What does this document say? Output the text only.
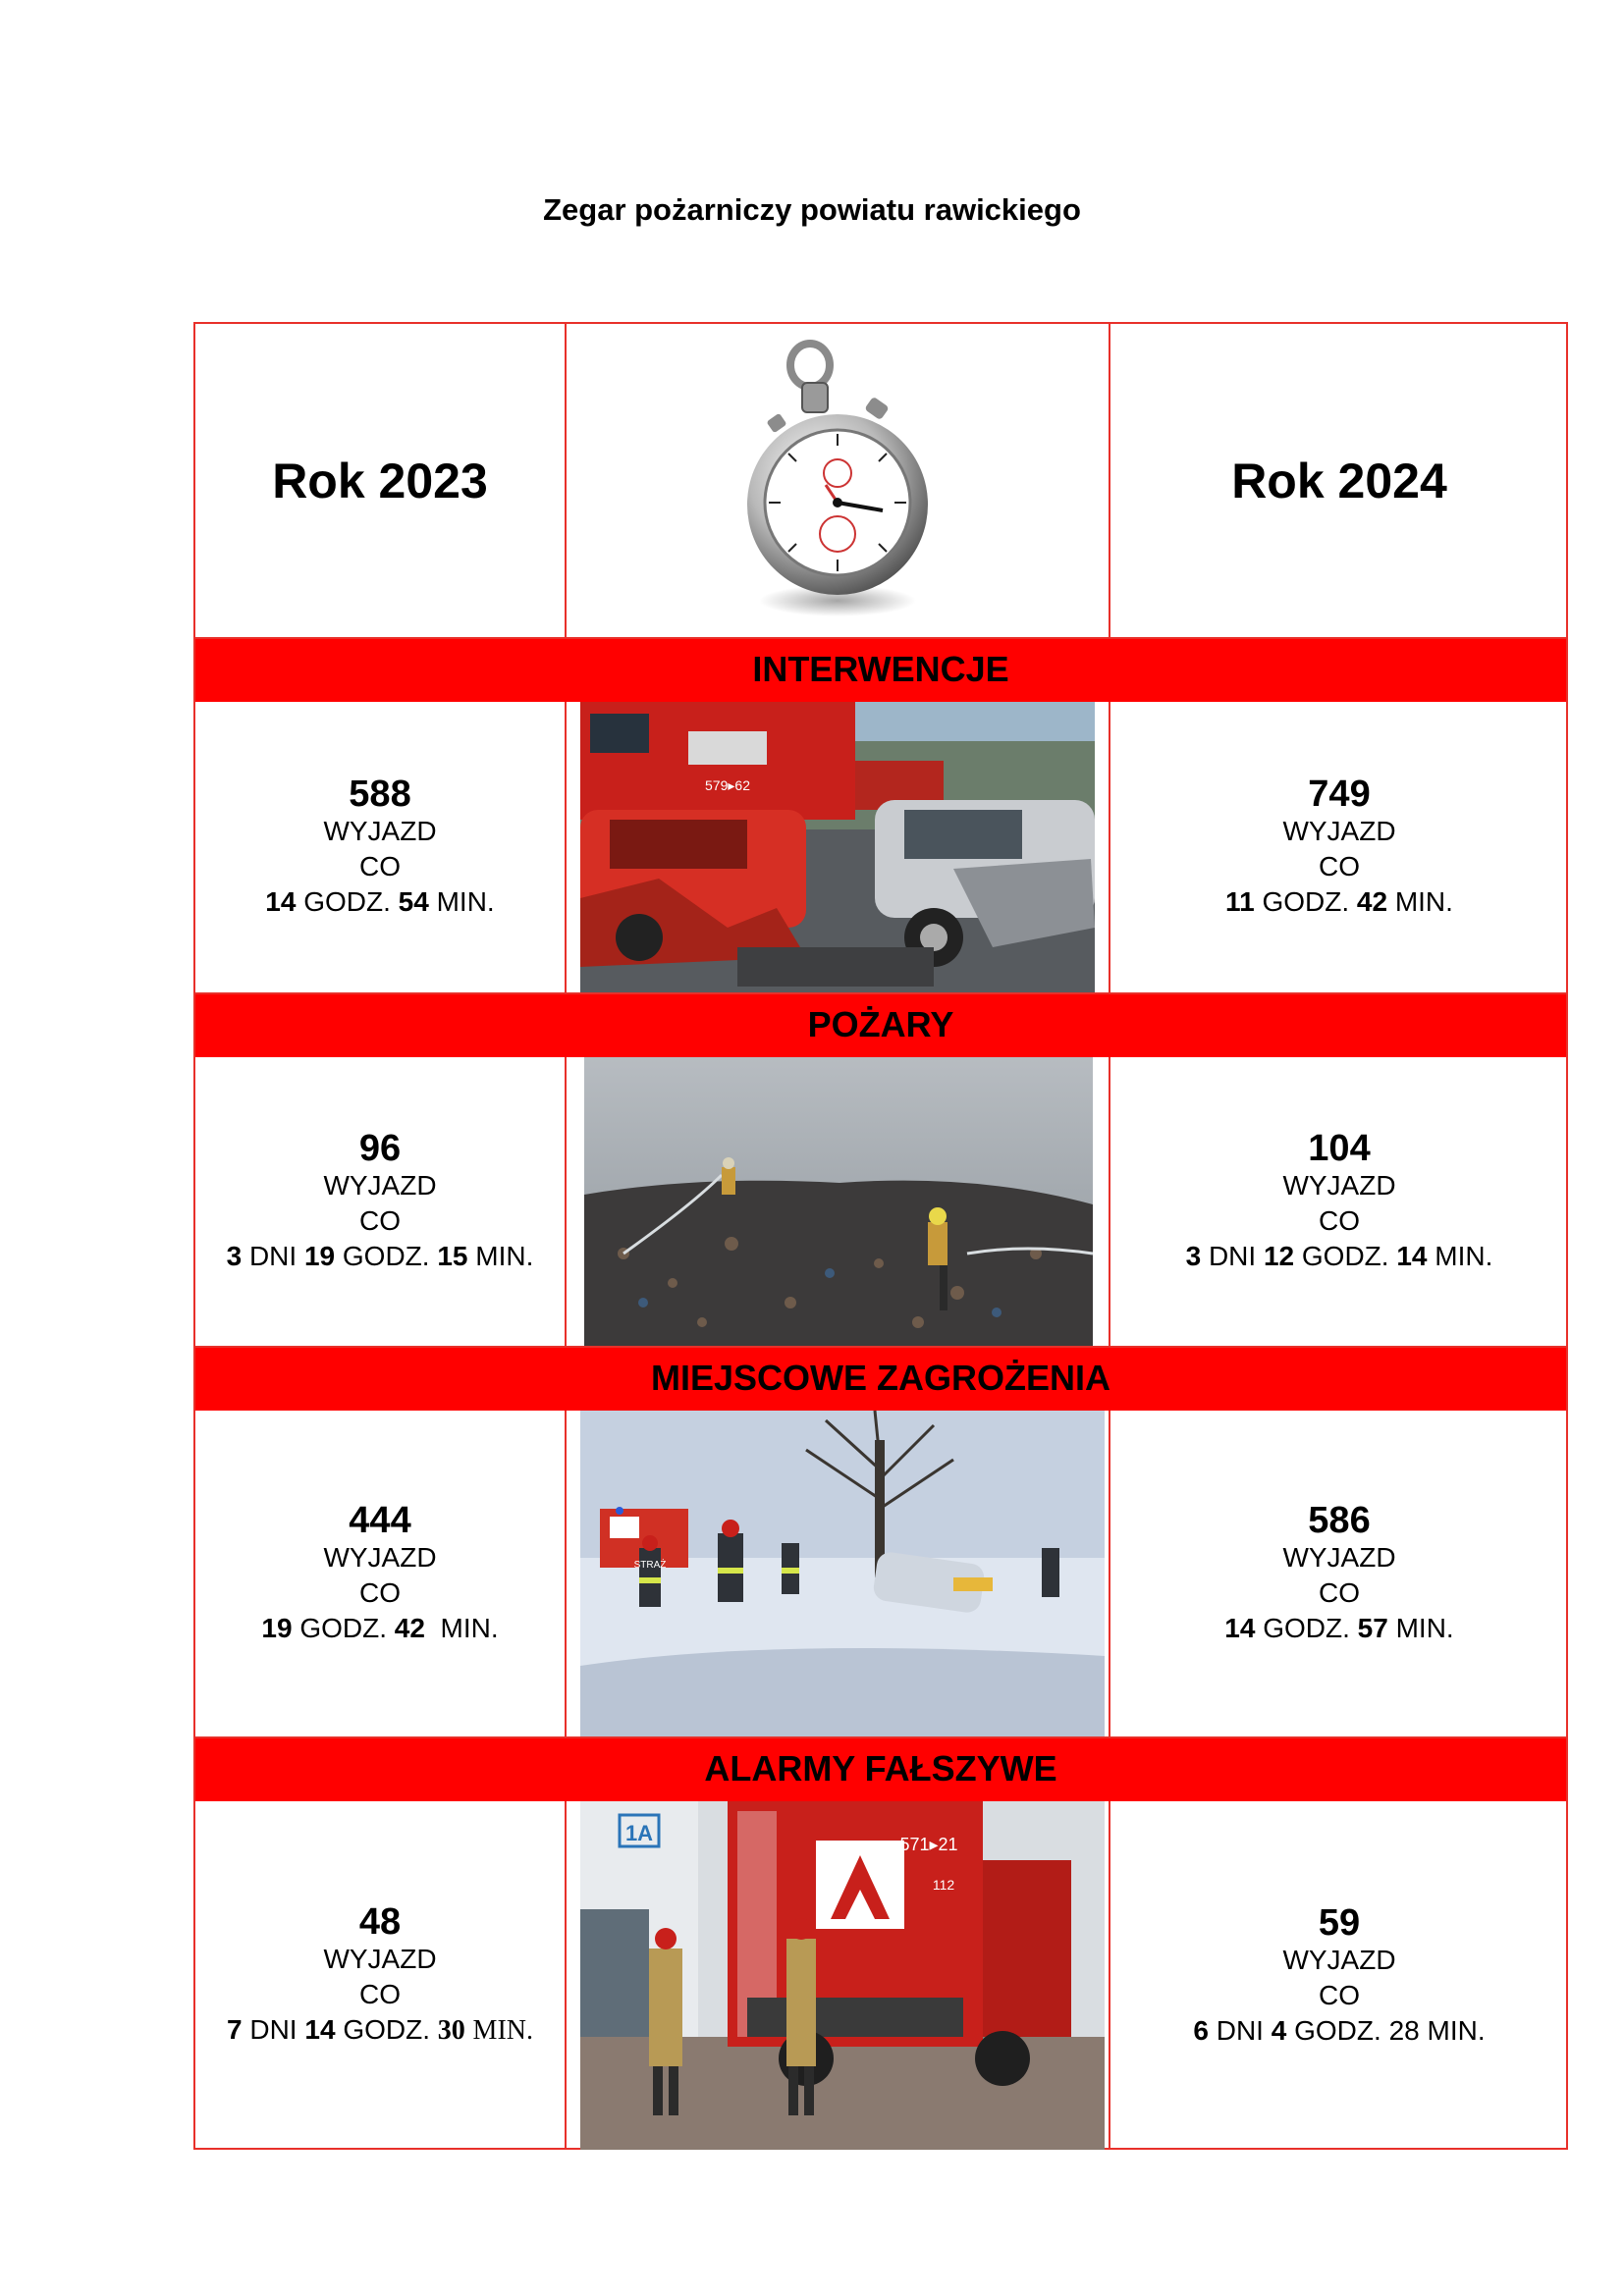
Zegar pożarniczy powiatu rawickiego
Rok 2023	Rok 2024
INTERWENCJE
588
WYJAZD
CO
14 GODZ. 54 MIN.
749
WYJAZD
CO
11 GODZ. 42 MIN.
579▸62
POŻARY
96
WYJAZD
CO
3 DNI 19 GODZ. 15 MIN.
104
WYJAZD
CO
3 DNI 12 GODZ. 14 MIN.
MIEJSCOWE ZAGROŻENIA
444
WYJAZD
CO
19 GODZ. 42 MIN.
586
WYJAZD
CO
14 GODZ. 57 MIN.
STRAŻ
ALARMY FAŁSZYWE
48
WYJAZD
CO
7 DNI 14 GODZ. 30 MIN.
59
WYJAZD
CO
6 DNI 4 GODZ. 28 MIN.
1A	571▸21
112
